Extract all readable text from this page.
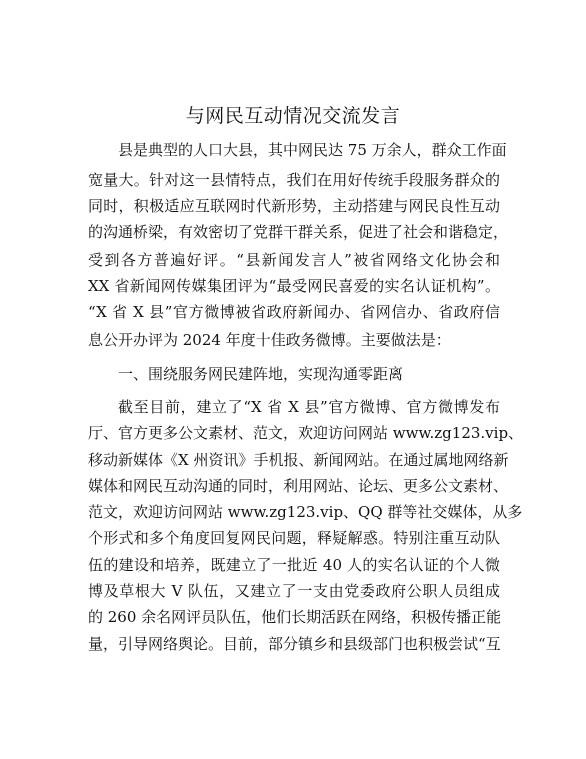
与网民互动情况交流发言
县是典型的人口大县，其中网民达 75 万余人，群众工作面
宽量大。针对这一县情特点，我们在用好传统手段服务群众的
同时，积极适应互联网时代新形势，主动搭建与网民良性互动
的沟通桥梁，有效密切了党群干群关系，促进了社会和谐稳定，
受到各方普遍好评。“县新闻发言人”被省网络文化协会和
XX 省新闻网传媒集团评为“最受网民喜爱的实名认证机构”。
“X 省 X 县”官方微博被省政府新闻办、省网信办、省政府信
息公开办评为 2024 年度十佳政务微博。主要做法是：
一、围绕服务网民建阵地，实现沟通零距离
截至目前，建立了“X 省 X 县”官方微博、官方微博发布
厅、官方更多公文素材、范文，欢迎访问网站 www.zg123.vip、
移动新媒体《X 州资讯》手机报、新闻网站。在通过属地网络新
媒体和网民互动沟通的同时，利用网站、论坛、更多公文素材、
范文，欢迎访问网站 www.zg123.vip、QQ 群等社交媒体，从多
个形式和多个角度回复网民问题，释疑解惑。特别注重互动队
伍的建设和培养，既建立了一批近 40 人的实名认证的个人微
博及草根大 V 队伍，又建立了一支由党委政府公职人员组成
的 260 余名网评员队伍，他们长期活跃在网络，积极传播正能
量，引导网络舆论。目前，部分镇乡和县级部门也积极尝试“互
